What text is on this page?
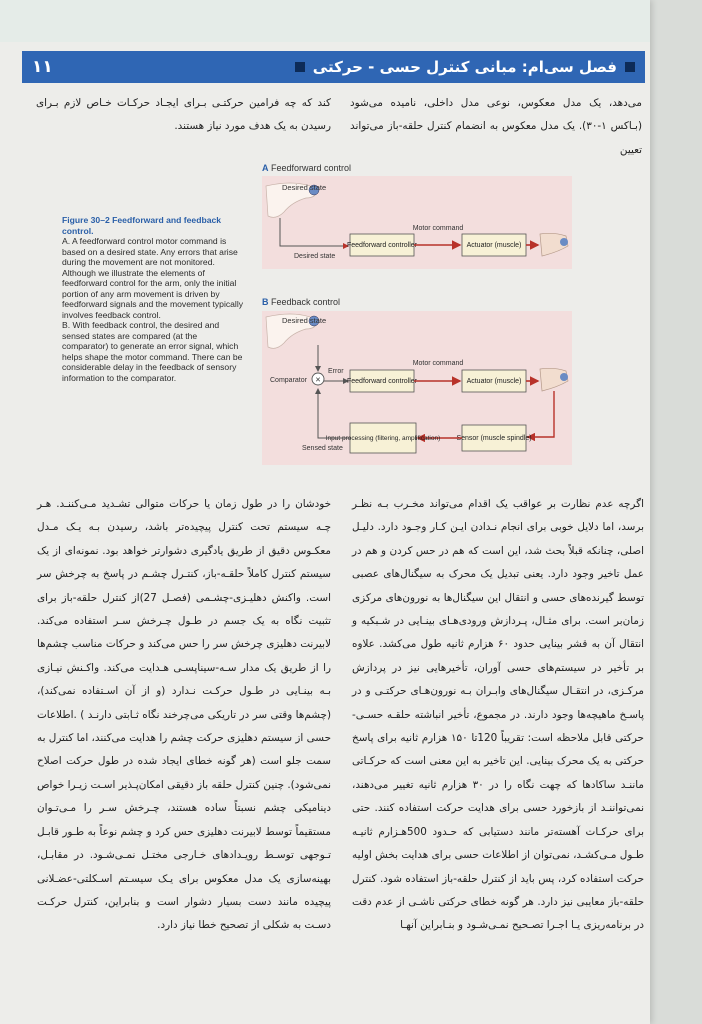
فصل سی‌ام: مبانی کنترل حسی - حرکتی
۱۱

می‌دهد، یک مدل معکوس، نوعی مدل داخلی، نامیده می‌شود (بـاکس ۱-۳۰). یک مدل معکوس به انضمام کنترل حلقه-باز می‌تواند تعیین

کند که چه فرامین حرکتـی بـرای ایجـاد حرکـات خـاص لازم بـرای رسیدن به یک هدف مورد نیاز هستند.

Figure 30–2 Feedforward and feedback control.
A. A feedforward control motor command is based on a desired state. Any errors that arise during the movement are not monitored. Although we illustrate the elements of feedforward control for the arm, only the initial portion of any arm movement is driven by feedforward signals and the movement typically involves feedback control.
B. With feedback control, the desired and sensed states are compared (at the comparator) to generate an error signal, which helps shape the motor command. There can be considerable delay in the feedback of sensory information to the comparator.
A Feedforward control
B Feedback control
Desired state
Desired state
Feedforward controller
Motor command
Actuator (muscle)
Desired state
×
Comparator
Error
Feedforward controller
Motor command
Actuator (muscle)
Sensor (muscle spindle)
Input processing (filtering, amplification)
Sensed state

اگرچه عدم نظارت بر عواقب یک اقدام می‌تواند مخـرب بـه نظـر برسد، اما دلایل خوبی برای انجام نـدادن ایـن کـار وجـود دارد. دلیـل اصلی، چنانکه قبلاً بحث شد، این است که هم در حس کردن و هم در عمل تاخیر وجود دارد. یعنی تبدیل یک محرک به سیگنال‌های عصبی توسط گیرنده‌های حسی و انتقال این سیگنال‌ها به نورون‌های مرکزی زمان‌بر است. برای مثـال، پـردازش ورودی‌هـای بینـایی در شـبکیه و انتقال آن به قشر بینایی حدود ۶۰ هزارم ثانیه طول می‌کشد. علاوه بر تأخیر در سیستم‌های حسی آوران، تأخیرهایی نیز در پردازش مرکـزی، در انتقـال سیگنال‌های وابـران بـه نورون‌هـای حرکتـی و در پاسـخ ماهیچه‌ها وجود دارند. در مجموع، تأخیر انباشته حلقـه حسـی-حرکتی قابل ملاحظه است: تقریباً 120تا ۱۵۰ هزارم ثانیه برای پاسخ حرکتی به یک محرک بینایی. این تاخیر به این معنی است که حرکـاتی ماننـد ساکادها که چهت نگاه را در ۳۰ هزارم ثانیه تغییر می‌دهند، نمی‌تواننـد از بازخورد حسی برای هدایت حرکت استفاده کنند. حتی برای حرکـات آهسته‌تر مانند دستیابی که حـدود 500هـزارم ثانیـه طـول مـی‌کشـد، نمی‌توان از اطلاعات حسی برای هدایت بخش اولیه حرکت استفاده کرد، پس باید از کنترل حلقه-باز استفاده شود. کنترل حلقه-باز معایبی نیز دارد. هر گونه خطای حرکتی ناشـی از عدم دقت در برنامه‌ریزی یـا اجـرا تصـحیح نمـی‌شـود و بنـابراین آنهـا

خودشان را در طول زمان یا حرکات متوالی تشـدید مـی‌کننـد. هـر چـه سیستم تحت کنترل پیچیده‌تر باشد، رسیدن بـه یـک مـدل معکـوس دقیق از طریق یادگیری دشوارتر خواهد بود. نمونه‌ای از یک سیستم کنترل کاملاً حلقـه-باز، کنتـرل چشـم در پاسخ به چرخش سر است. واکنش دهلیـزی-چشـمی (فصـل 27)از کنترل حلقه-باز برای تثبیت نگاه به یک جسم در طـول چـرخش سـر استفاده می‌کند. لابیرنت دهلیزی چرخش سر را حس می‌کند و حرکات مناسب چشم‌ها را از طریق یک مدار سـه-سیناپسـی هـدایت می‌کند. واکـنش نیـازی بـه بینـایی در طـول حرکـت نـدارد (و از آن اسـتفاده نمی‌کند)، (چشم‌ها وقتی سر در تاریکی می‌چرخند نگاه ثـابتی دارنـد ) .اطلاعات حسی از سیستم دهلیزی حرکت چشم را هدایت می‌کنند، اما کنترل به سمت جلو است (هر گونه خطای ایجاد شده در طول حرکت اصلاح نمی‌شود). چنین کنترل حلقه باز دقیقی امکان‌پـذیر اسـت زیـرا خواص دینامیکی چشم نسبتاً ساده هستند، چـرخش سـر را مـی‌تـوان مستقیماً توسط لابیرنت دهلیزی حس کرد و چشم نوعاً به طـور قابـل تـوجهی توسـط رویـدادهای خـارجی مختـل نمـی‌شـود. در مقابـل، بهینه‌سازی یک مدل معکوس برای یـک سیسـتم اسـکلتی-عضـلانی پیچیده مانند دست بسیار دشوار است و بنابراین، کنترل حرکـت دسـت به شکلی از تصحیح خطا نیاز دارد.
